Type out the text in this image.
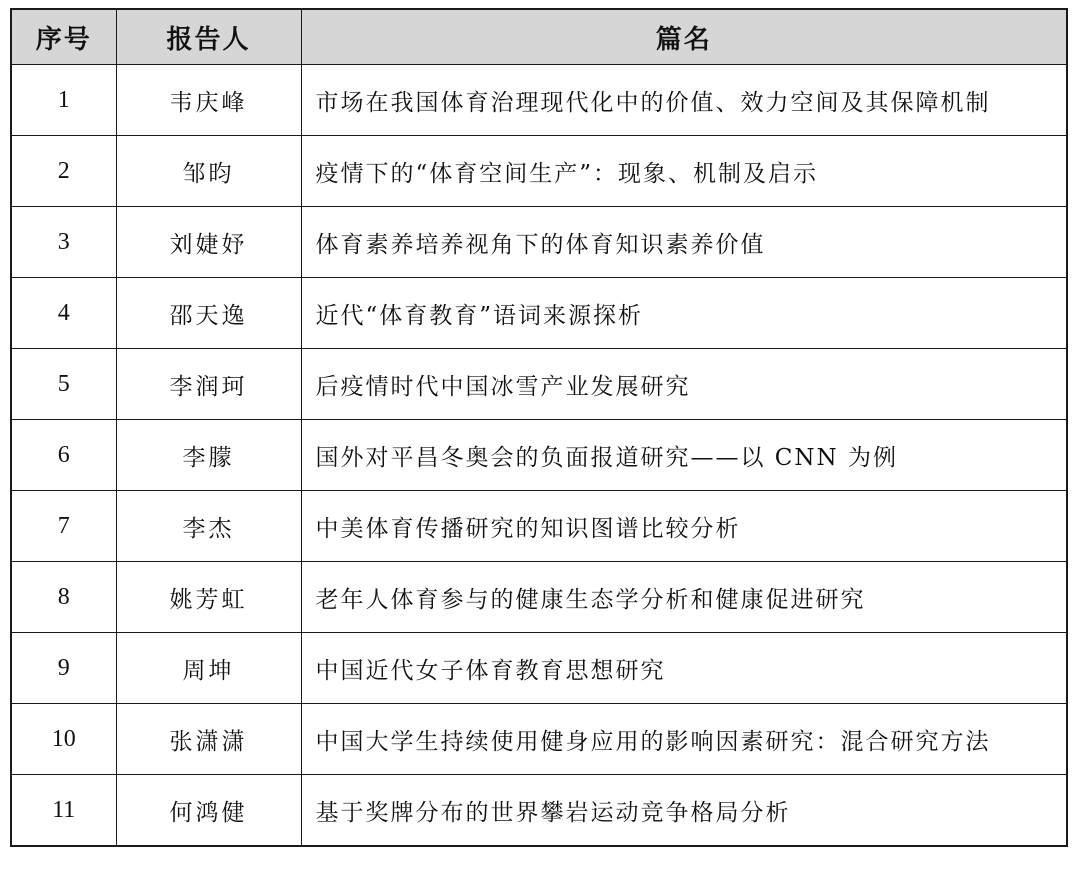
序号	报告人	篇名
1	韦庆峰	市场在我国体育治理现代化中的价值、效力空间及其保障机制
2	邹昀	疫情下的“体育空间生产”：现象、机制及启示
3	刘婕妤	体育素养培养视角下的体育知识素养价值
4	邵天逸	近代“体育教育”语词来源探析
5	李润珂	后疫情时代中国冰雪产业发展研究
6	李朦	国外对平昌冬奥会的负面报道研究——以 CNN 为例
7	李杰	中美体育传播研究的知识图谱比较分析
8	姚芳虹	老年人体育参与的健康生态学分析和健康促进研究
9	周坤	中国近代女子体育教育思想研究
10	张潇潇	中国大学生持续使用健身应用的影响因素研究：混合研究方法
11	何鸿健	基于奖牌分布的世界攀岩运动竞争格局分析
